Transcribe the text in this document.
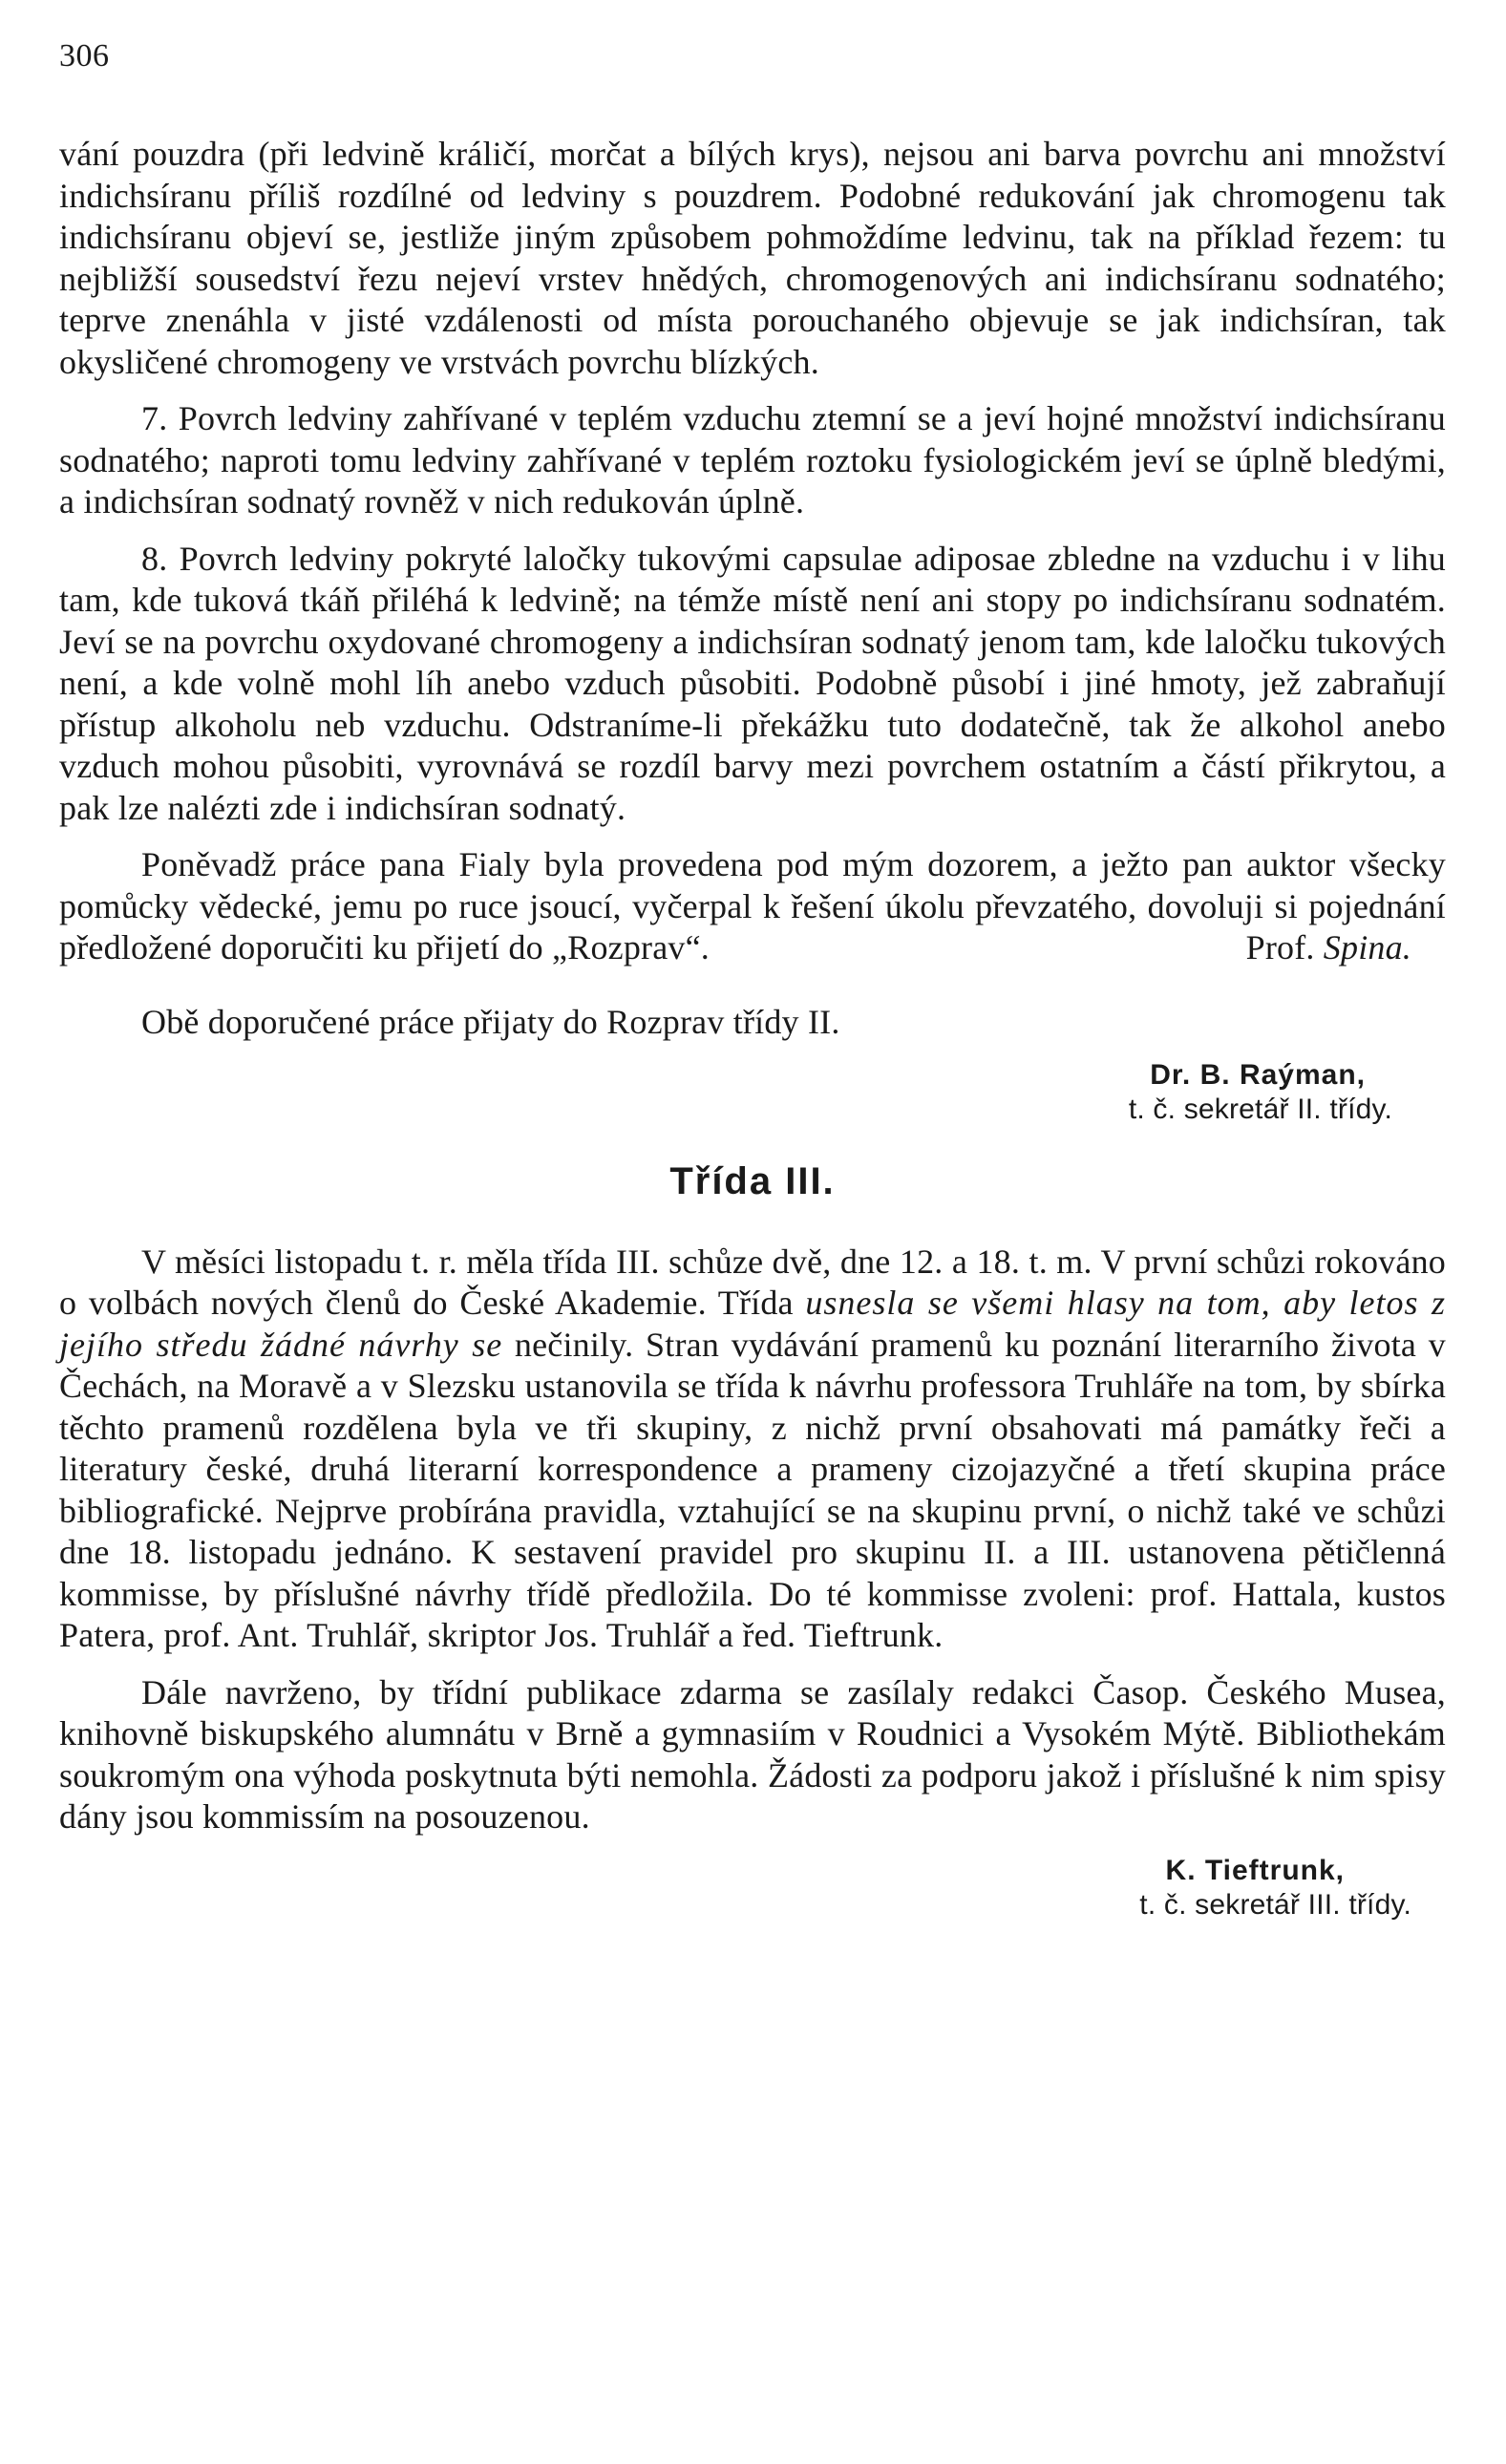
306

vání pouzdra (při ledvině králičí, morčat a bílých krys), nejsou ani barva povrchu ani množství indichsíranu příliš rozdílné od ledviny s pouzdrem. Podobné redukování jak chromogenu tak indichsíranu objeví se, jestliže jiným způsobem pohmoždíme ledvinu, tak na příklad řezem: tu nejbližší sousedství řezu nejeví vrstev hnědých, chromogenových ani indichsíranu sodnatého; teprve znenáhla v jisté vzdálenosti od místa porouchaného objevuje se jak indichsíran, tak okysličené chromogeny ve vrstvách povrchu blízkých.

7. Povrch ledviny zahřívané v teplém vzduchu ztemní se a jeví hojné množství indichsíranu sodnatého; naproti tomu ledviny zahřívané v teplém roztoku fysiologickém jeví se úplně bledými, a indichsíran sodnatý rovněž v nich redukován úplně.

8. Povrch ledviny pokryté laločky tukovými capsulae adiposae zbledne na vzduchu i v lihu tam, kde tuková tkáň přiléhá k ledvině; na témže místě není ani stopy po indichsíranu sodnatém. Jeví se na povrchu oxydované chromogeny a indichsíran sodnatý jenom tam, kde laločku tukových není, a kde volně mohl líh anebo vzduch působiti. Podobně působí i jiné hmoty, jež zabraňují přístup alkoholu neb vzduchu. Odstraníme-li překážku tuto dodatečně, tak že alkohol anebo vzduch mohou působiti, vyrovnává se rozdíl barvy mezi povrchem ostatním a částí přikrytou, a pak lze nalézti zde i indichsíran sodnatý.

Poněvadž práce pana Fialy byla provedena pod mým dozorem, a ježto pan auktor všecky pomůcky vědecké, jemu po ruce jsoucí, vyčerpal k řešení úkolu převzatého, dovoluji si pojednání předložené doporučiti ku přijetí do „Rozprav“.	Prof. Spina.

Obě doporučené práce přijaty do Rozprav třídy II.

Dr. B. Raýman,
t. č. sekretář II. třídy.
Třída III.

V měsíci listopadu t. r. měla třída III. schůze dvě, dne 12. a 18. t. m. V první schůzi rokováno o volbách nových členů do České Akademie. Třída usnesla se všemi hlasy na tom, aby letos z jejího středu žádné návrhy se nečinily. Stran vydávání pramenů ku poznání literarního života v Čechách, na Moravě a v Slezsku ustanovila se třída k návrhu professora Truhláře na tom, by sbírka těchto pramenů rozdělena byla ve tři skupiny, z nichž první obsahovati má památky řeči a literatury české, druhá literarní korrespondence a prameny cizojazyčné a třetí skupina práce bibliografické. Nejprve probírána pravidla, vztahující se na skupinu první, o nichž také ve schůzi dne 18. listopadu jednáno. K sestavení pravidel pro skupinu II. a III. ustanovena pětičlenná kommisse, by příslušné návrhy třídě předložila. Do té kommisse zvoleni: prof. Hattala, kustos Patera, prof. Ant. Truhlář, skriptor Jos. Truhlář a řed. Tieftrunk.

Dále navrženo, by třídní publikace zdarma se zasílaly redakci Časop. Českého Musea, knihovně biskupského alumnátu v Brně a gymnasiím v Roudnici a Vysokém Mýtě. Bibliothekám soukromým ona výhoda poskytnuta býti nemohla. Žádosti za podporu jakož i příslušné k nim spisy dány jsou kommissím na posouzenou.

K. Tieftrunk,
t. č. sekretář III. třídy.
